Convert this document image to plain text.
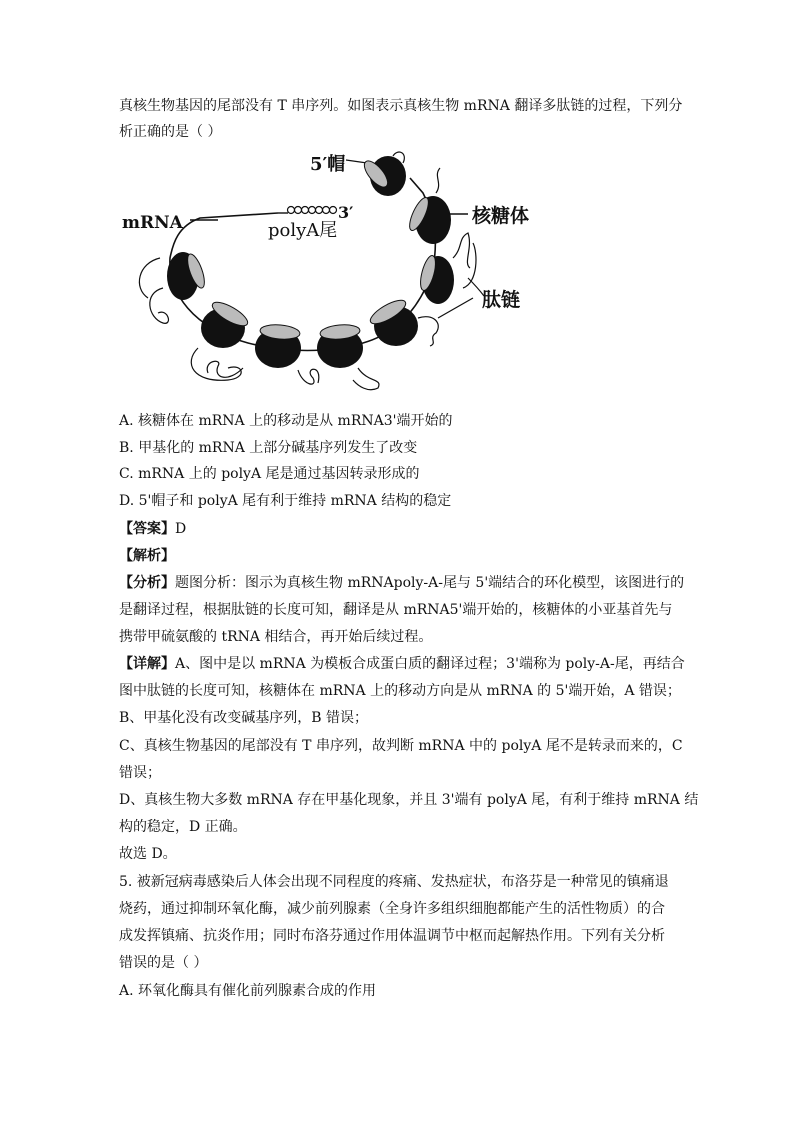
真核生物基因的尾部没有 T 串序列。如图表示真核生物 mRNA 翻译多肽链的过程，下列分
析正确的是（ ）
mRNA
3′
polyA尾
5′帽
核糖体
肽链
A. 核糖体在 mRNA 上的移动是从 mRNA3'端开始的
B. 甲基化的 mRNA 上部分碱基序列发生了改变
C. mRNA 上的 polyA 尾是通过基因转录形成的
D. 5'帽子和 polyA 尾有利于维持 mRNA 结构的稳定
【答案】D
【解析】
【分析】题图分析：图示为真核生物 mRNApoly-A-尾与 5'端结合的环化模型，该图进行的
是翻译过程，根据肽链的长度可知，翻译是从 mRNA5'端开始的，核糖体的小亚基首先与
携带甲硫氨酸的 tRNA 相结合，再开始后续过程。
【详解】A、图中是以 mRNA 为模板合成蛋白质的翻译过程；3'端称为 poly-A-尾，再结合
图中肽链的长度可知，核糖体在 mRNA 上的移动方向是从 mRNA 的 5'端开始，A 错误；
B、甲基化没有改变碱基序列，B 错误；
C、真核生物基因的尾部没有 T 串序列，故判断 mRNA 中的 polyA 尾不是转录而来的，C
错误；
D、真核生物大多数 mRNA 存在甲基化现象，并且 3'端有 polyA 尾，有利于维持 mRNA 结
构的稳定，D 正确。
故选 D。
5. 被新冠病毒感染后人体会出现不同程度的疼痛、发热症状，布洛芬是一种常见的镇痛退
烧药，通过抑制环氧化酶，减少前列腺素（全身许多组织细胞都能产生的活性物质）的合
成发挥镇痛、抗炎作用；同时布洛芬通过作用体温调节中枢而起解热作用。下列有关分析
错误的是（ ）
A. 环氧化酶具有催化前列腺素合成的作用
